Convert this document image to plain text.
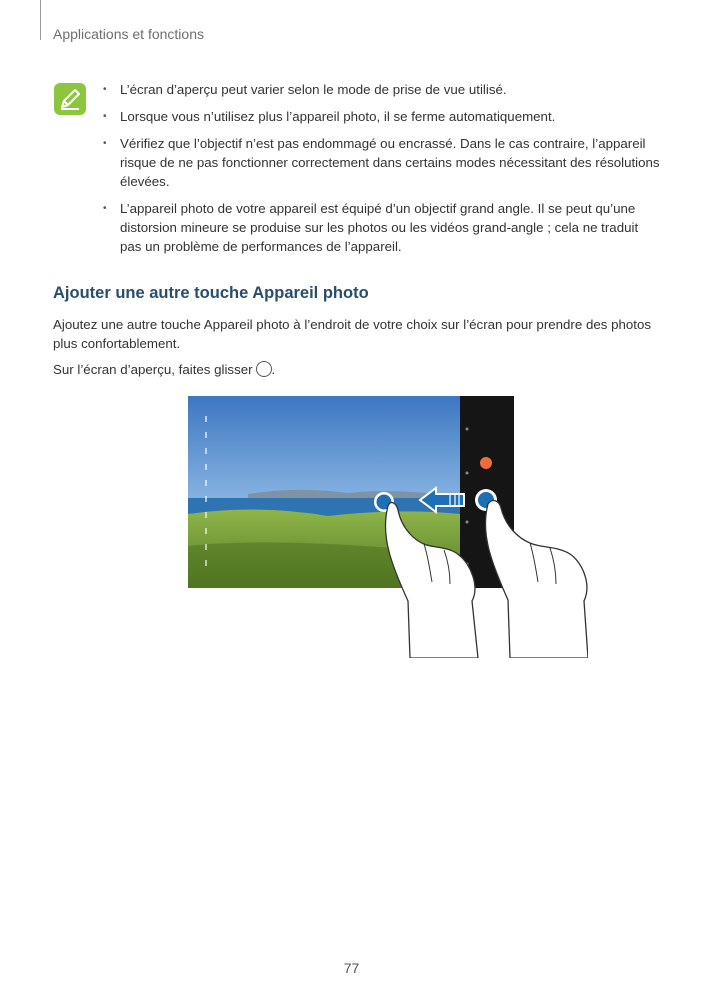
Applications et fonctions
• L’écran d’aperçu peut varier selon le mode de prise de vue utilisé.
• Lorsque vous n’utilisez plus l’appareil photo, il se ferme automatiquement.
• Vérifiez que l’objectif n’est pas endommagé ou encrassé. Dans le cas contraire, l’appareil risque de ne pas fonctionner correctement dans certains modes nécessitant des résolutions élevées.
• L’appareil photo de votre appareil est équipé d’un objectif grand angle. Il se peut qu’une distorsion mineure se produise sur les photos ou les vidéos grand-angle ; cela ne traduit pas un problème de performances de l’appareil.
Ajouter une autre touche Appareil photo
Ajoutez une autre touche Appareil photo à l’endroit de votre choix sur l’écran pour prendre des photos plus confortablement.
Sur l’écran d’aperçu, faites glisser .
77
